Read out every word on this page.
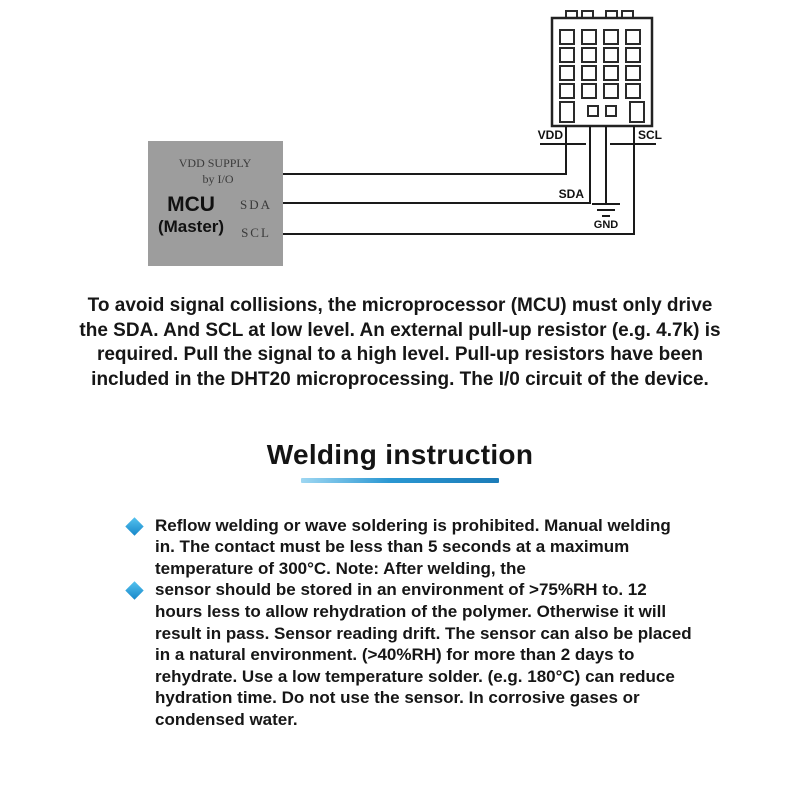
VDD SUPPLY
by I/O
MCU
(Master)
SDA
SCL
VDD	SCL
SDA
GND

To avoid signal collisions, the microprocessor (MCU) must only drive the SDA. And SCL at low level. An external pull-up resistor (e.g. 4.7k) is required. Pull the signal to a high level. Pull-up resistors have been included in the DHT20 microprocessing. The I/0 circuit of the device.

Welding instruction
Reflow welding or wave soldering is prohibited. Manual welding in. The contact must be less than 5 seconds at a maximum temperature of 300°C. Note: After welding, the
sensor should be stored in an environment of >75%RH to. 12 hours less to allow rehydration of the polymer. Otherwise it will result in pass. Sensor reading drift. The sensor can also be placed in a natural environment. (>40%RH) for more than 2 days to rehydrate. Use a low temperature solder. (e.g. 180°C) can reduce hydration time. Do not use the sensor. In corrosive gases or condensed water.
